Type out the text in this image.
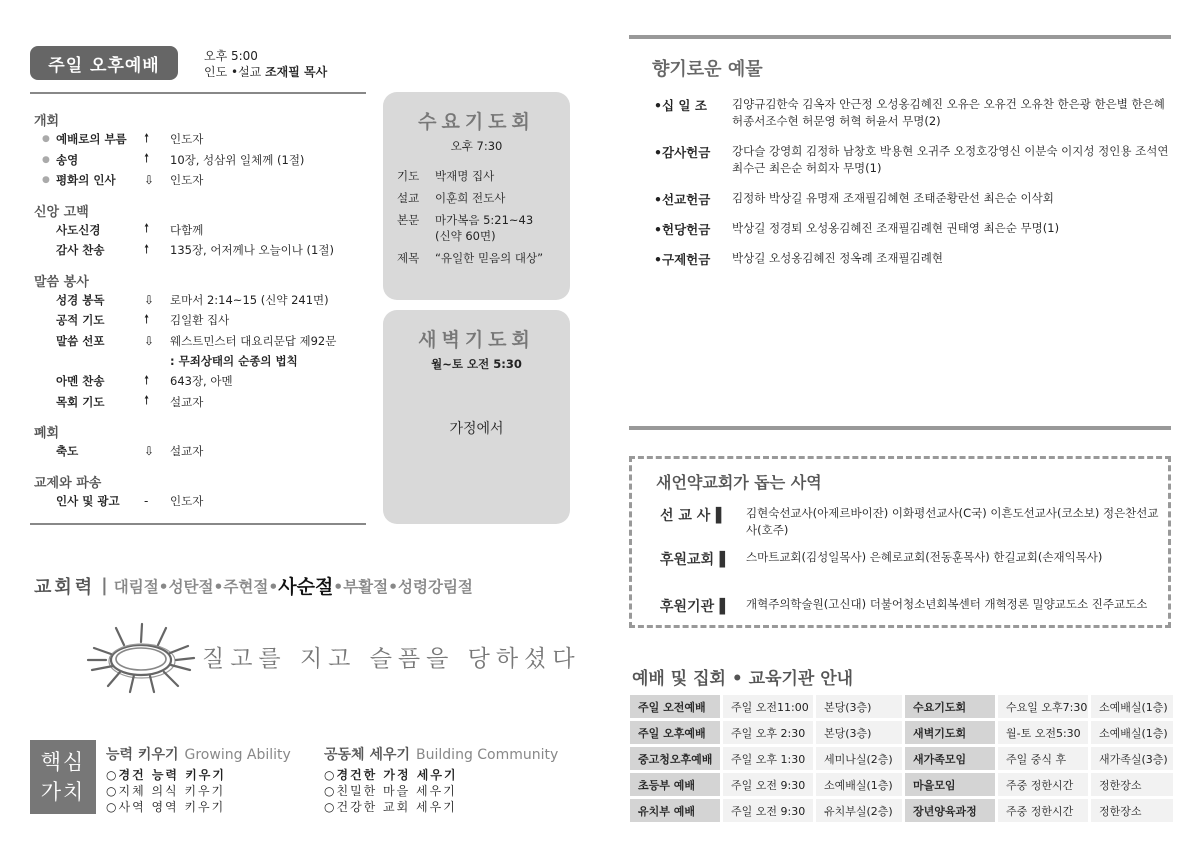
주일 오후예배	오후 5:00
인도 •설교 조재필 목사
개회
● 예배로의 부름	🠕	인도자
● 송영	🠕	10장, 성삼위 일체께 (1절)
● 평화의 인사	⇩	인도자
신앙 고백
사도신경	🠕	다함께
감사 찬송	🠕	135장, 어저께나 오늘이나 (1절)
말씀 봉사
성경 봉독	⇩	로마서 2:14~15 (신약 241면)
공적 기도	🠕	김일환 집사
말씀 선포	⇩	웨스트민스터 대요리문답 제92문
: 무죄상태의 순종의 법칙
아멘 찬송	🠕	643장, 아멘
목회 기도	🠕	설교자
폐회
축도	⇩	설교자
교제와 파송
인사 및 광고	-	인도자
수요기도회
오후 7:30
기도	박재명 집사
설교	이훈희 전도사
본문	마가복음 5:21~43
(신약 60면)

제목	“유일한 믿음의 대상”
새벽기도회
월~토 오전 5:30
가정에서
교회력 | 대림절•성탄절•주현절• 사순절 •부활절•성령강림절
질고를 지고 슬픔을 당하셨다
핵심
가치
능력 키우기 Growing Ability
○경건 능력 키우기
○지체 의식 키우기
○사역 영역 키우기
공동체 세우기 Building Community
○경건한 가정 세우기
○친밀한 마을 세우기
○건강한 교회 세우기
향기로운 예물
•십 일 조	김양규김한숙 김옥자 안근정 오성옹김혜진 오유은 오유건 오유찬 한은광 한은별 한은혜 허종서조수현 허문영 허혁 허윤서 무명(2)
•감사헌금	강다슬 강영희 김정하 남창호 박용현 오귀주 오정호강영신 이분숙 이지성 정인용 조석연 최수근 최은순 허희자 무명(1)
•선교헌금	김정하 박상길 유명재 조재필김혜현 조태준황란선 최은순 이삭회
•헌당헌금	박상길 정경퇴 오성옹김혜진 조재필김례현 권태영 최은순 무명(1)
•구제헌금	박상길 오성옹김혜진 정옥례 조재필김례현
새언약교회가 돕는 사역
선 교 사▐	김현숙선교사(아제르바이잔) 이화평선교사(C국) 이흔도선교사(코소보) 정은찬선교사(호주)
후원교회▐	스마트교회(김성일목사) 은혜로교회(전동훈목사) 한길교회(손재익목사)
후원기관▐	개혁주의학술원(고신대) 더불어청소년회복센터 개혁정론 밀양교도소 진주교도소
예배 및 집회 • 교육기관 안내
주일 오전예배		주일 오전11:00		본당(3층)		수요기도회		수요일 오후7:30		소예배실(1층)
주일 오후예배		주일 오후 2:30		본당(3층)		새벽기도회		월-토 오전5:30		소예배실(1층)
중고청오후예배		주일 오후 1:30		세미나실(2층)		새가족모임		주일 중식 후		새가족실(3층)
초등부 예배		주일 오전 9:30		소예배실(1층)		마을모임		주중 정한시간		정한장소
유치부 예배		주일 오전 9:30		유치부실(2층)		장년양육과정		주중 정한시간		정한장소
